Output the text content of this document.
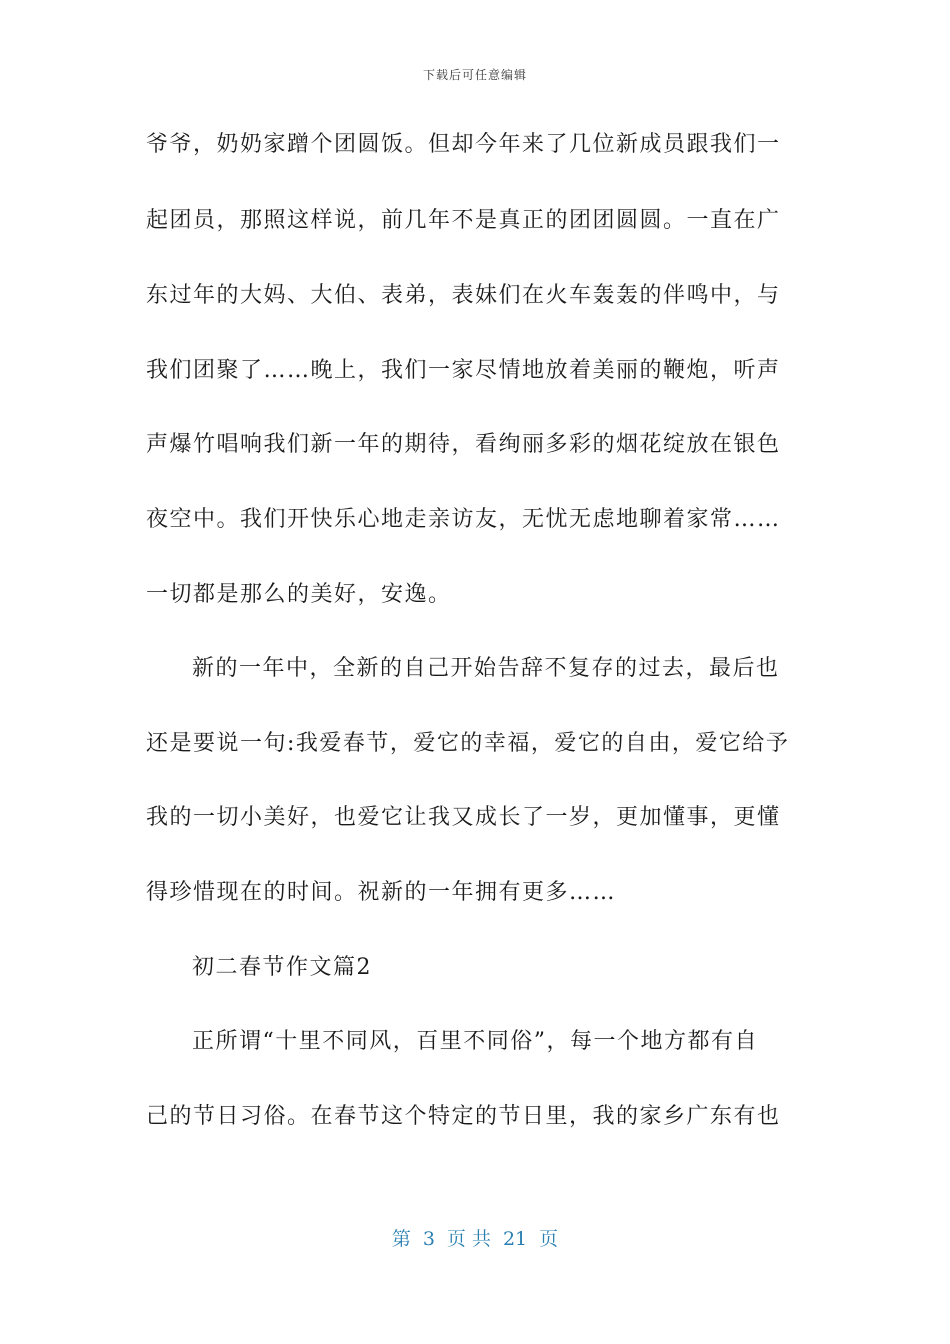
下载后可任意编辑
爷爷，奶奶家蹭个团圆饭。但却今年来了几位新成员跟我们一
起团员，那照这样说，前几年不是真正的团团圆圆。一直在广
东过年的大妈、大伯、表弟，表妹们在火车轰轰的伴鸣中，与
我们团聚了……晚上，我们一家尽情地放着美丽的鞭炮，听声
声爆竹唱响我们新一年的期待，看绚丽多彩的烟花绽放在银色
夜空中。我们开快乐心地走亲访友，无忧无虑地聊着家常……
一切都是那么的美好，安逸。
新的一年中，全新的自己开始告辞不复存的过去，最后也
还是要说一句:我爱春节，爱它的幸福，爱它的自由，爱它给予
我的一切小美好，也爱它让我又成长了一岁，更加懂事，更懂
得珍惜现在的时间。祝新的一年拥有更多……
初二春节作文篇2
正所谓“十里不同风，百里不同俗”，每一个地方都有自
己的节日习俗。在春节这个特定的节日里，我的家乡广东有也
第 3 页 共 21 页
